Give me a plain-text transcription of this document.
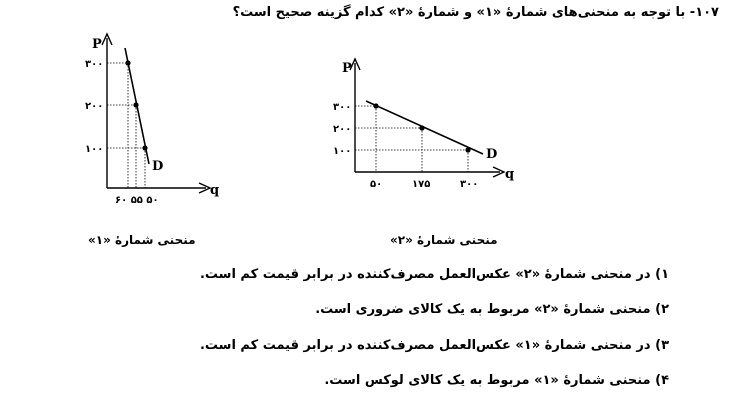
۱۰۷- با توجه به منحنی‌های شمارهٔ «۱» و شمارهٔ «۲» کدام گزینه صحیح است؟
P
q
D
۳۰۰
۲۰۰
۱۰۰
۶۰ ۵۵ ۵۰
P
q
D
۳۰۰
۲۰۰
۱۰۰
۵۰	۱۷۵	۳۰۰
منحنی شمارهٔ «۱»	منحنی شمارهٔ «۲»
۱) در منحنی شمارهٔ «۲» عکس‌العمل مصرف‌کننده در برابر قیمت کم است.
۲) منحنی شمارهٔ «۲» مربوط به یک کالای ضروری است.
۳) در منحنی شمارهٔ «۱» عکس‌العمل مصرف‌کننده در برابر قیمت کم است.
۴) منحنی شمارهٔ «۱» مربوط به یک کالای لوکس است.
